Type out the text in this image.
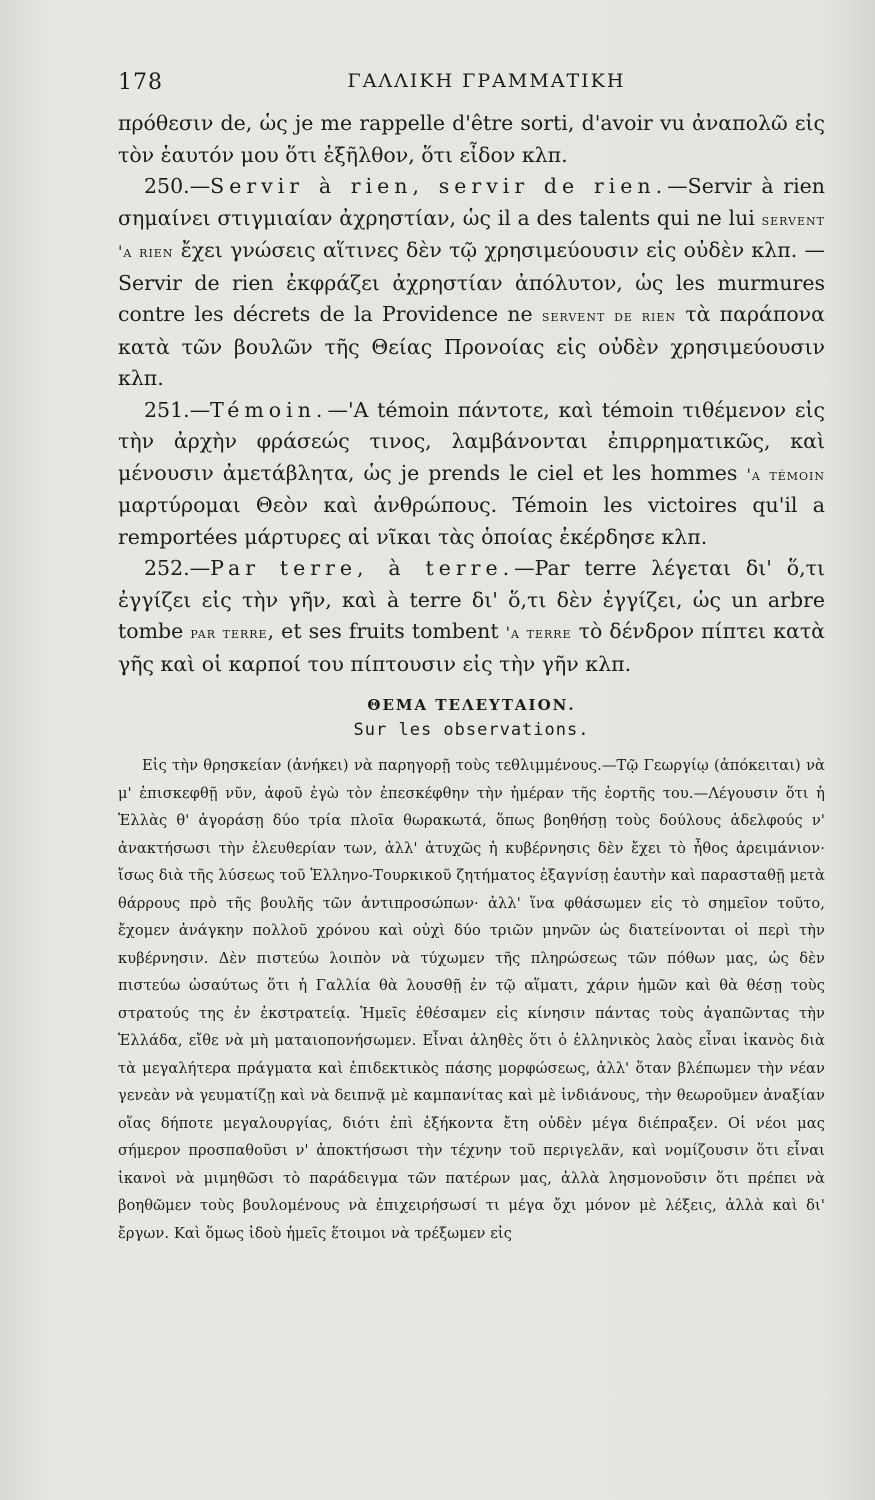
178	ΓΑΛΛΙΚΗ ΓΡΑΜΜΑΤΙΚΗ

πρόθεσιν de, ὡς je me rappelle d'être sorti, d'avoir vu ἀναπολῶ εἰς τὸν ἑαυτόν μου ὅτι ἐξῆλθον, ὅτι εἶδον κλπ.

250.—Servir à rien, servir de rien.—Servir à rien σημαίνει στιγμιαίαν ἀχρηστίαν, ὡς il a des talents qui ne lui servent 'a rien ἔχει γνώσεις αἵτινες δὲν τῷ χρησιμεύουσιν εἰς οὐδὲν κλπ. —Servir de rien ἐκφράζει ἀχρηστίαν ἀπόλυτον, ὡς les murmures contre les décrets de la Providence ne servent de rien τὰ παράπονα κατὰ τῶν βουλῶν τῆς Θείας Προνοίας εἰς οὐδὲν χρησιμεύουσιν κλπ.

251.—Témoin.—'A témoin πάντοτε, καὶ témoin τιθέμενον εἰς τὴν ἀρχὴν φράσεώς τινος, λαμβάνονται ἐπιρρηματικῶς, καὶ μένουσιν ἀμετάβλητα, ὡς je prends le ciel et les hommes 'a témoin μαρτύρομαι Θεὸν καὶ ἀνθρώπους. Témoin les victoires qu'il a remportées μάρτυρες αἱ νῖκαι τὰς ὁποίας ἐκέρδησε κλπ.

252.—Par terre, à terre.—Par terre λέγεται δι' ὅ,τι ἐγγίζει εἰς τὴν γῆν, καὶ à terre δι' ὅ,τι δὲν ἐγγίζει, ὡς un arbre tombe par terre, et ses fruits tombent 'a terre τὸ δένδρον πίπτει κατὰ γῆς καὶ οἱ καρποί του πίπτουσιν εἰς τὴν γῆν κλπ.

ΘΕΜΑ ΤΕΛΕΥΤΑΙΟΝ.
Sur les observations.

Εἰς τὴν θρησκείαν (ἀνήκει) νὰ παρηγορῇ τοὺς τεθλιμμένους.—Τῷ Γεωργίῳ (ἀπόκειται) νὰ μ' ἐπισκεφθῇ νῦν, ἀφοῦ ἐγὼ τὸν ἐπεσκέφθην τὴν ἡμέραν τῆς ἑορτῆς του.—Λέγουσιν ὅτι ἡ Ἑλλὰς θ' ἀγοράσῃ δύο τρία πλοῖα θωρακωτά, ὅπως βοηθήσῃ τοὺς δούλους ἀδελφούς ν' ἀνακτήσωσι τὴν ἐλευθερίαν των, ἀλλ' ἀτυχῶς ἡ κυβέρνησις δὲν ἔχει τὸ ἦθος ἀρειμάνιον· ἴσως διὰ τῆς λύσεως τοῦ Ἑλληνο-Τουρκικοῦ ζητήματος ἐξαγνίσῃ ἑαυτὴν καὶ παρασταθῇ μετὰ θάρρους πρὸ τῆς βουλῆς τῶν ἀντιπροσώπων· ἀλλ' ἵνα φθάσωμεν εἰς τὸ σημεῖον τοῦτο, ἔχομεν ἀνάγκην πολλοῦ χρόνου καὶ οὐχὶ δύο τριῶν μηνῶν ὡς διατείνονται οἱ περὶ τὴν κυβέρνησιν. Δὲν πιστεύω λοιπὸν νὰ τύχωμεν τῆς πληρώσεως τῶν πόθων μας, ὡς δὲν πιστεύω ὡσαύτως ὅτι ἡ Γαλλία θὰ λουσθῇ ἐν τῷ αἵματι, χάριν ἡμῶν καὶ θὰ θέσῃ τοὺς στρατούς της ἐν ἐκστρατείᾳ. Ἡμεῖς ἐθέσαμεν εἰς κίνησιν πάντας τοὺς ἀγαπῶντας τὴν Ἑλλάδα, εἴθε νὰ μὴ ματαιοπονήσωμεν. Εἶναι ἀληθὲς ὅτι ὁ ἑλληνικὸς λαὸς εἶναι ἱκανὸς διὰ τὰ μεγαλήτερα πράγματα καὶ ἐπιδεκτικὸς πάσης μορφώσεως, ἀλλ' ὅταν βλέπωμεν τὴν νέαν γενεὰν νὰ γευματίζῃ καὶ νὰ δειπνᾷ μὲ καμπανίτας καὶ μὲ ἰνδιάνους, τὴν θεωροῦμεν ἀναξίαν οἵας δήποτε μεγαλουργίας, διότι ἐπὶ ἑξήκοντα ἔτη οὐδὲν μέγα διέπραξεν. Οἱ νέοι μας σήμερον προσπαθοῦσι ν' ἀποκτήσωσι τὴν τέχνην τοῦ περιγελᾶν, καὶ νομίζουσιν ὅτι εἶναι ἱκανοὶ νὰ μιμηθῶσι τὸ παράδειγμα τῶν πατέρων μας, ἀλλὰ λησμονοῦσιν ὅτι πρέπει νὰ βοηθῶμεν τοὺς βουλομένους νὰ ἐπιχειρήσωσί τι μέγα ὄχι μόνον μὲ λέξεις, ἀλλὰ καὶ δι' ἔργων. Καὶ ὅμως ἰδοὺ ἡμεῖς ἕτοιμοι νὰ τρέξωμεν εἰς
